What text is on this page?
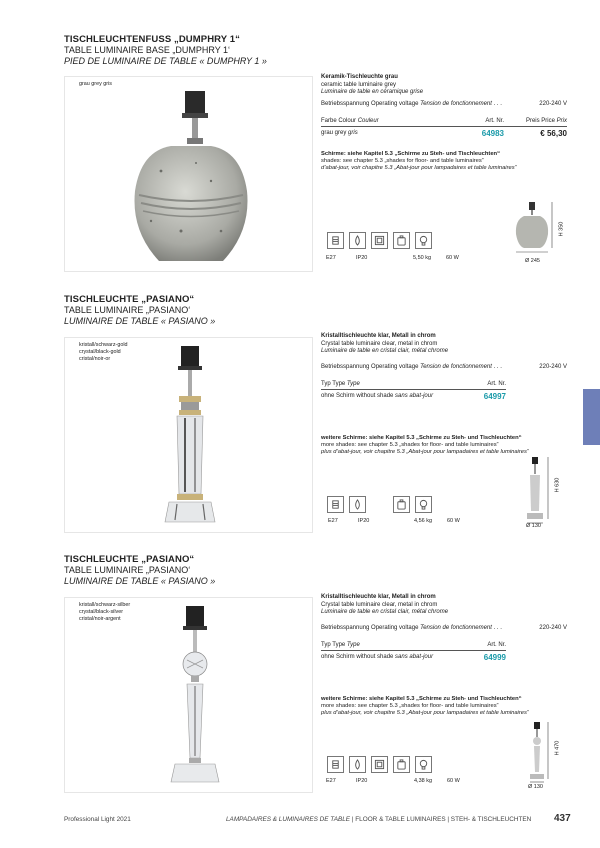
TISCHLEUCHTENFUSS „DUMPHRY 1“
TABLE LUMINAIRE BASE „DUMPHRY 1‘
PIED DE LUMINAIRE DE TABLE « DUMPHRY 1 »
grau grey gris
Keramik-Tischleuchte grau
ceramic table luminaire grey
Luminaire de table en céramique grise
Betriebsspannung Operating voltage Tension de fonctionnement . . .	220-240 V
Farbe Colour Couleur	Art. Nr.	Preis Price Prix
grau grey gris	64983	€ 56,30
Schirme: siehe Kapitel 5.3 „Schirme zu Steh- und Tischleuchten“
shades: see chapter 5.3 „shades for floor- and table luminaires“
d’abat-jour, voir chapitre 5.3 „Abat-jour pour lampadaires et table luminaires“
E27	IP20	5,50 kg	60 W
H 350
Ø 245
TISCHLEUCHTE „PASIANO“
TABLE LUMINAIRE „PASIANO‘
LUMINAIRE DE TABLE « PASIANO »
kristall/schwarz-gold
crystal/black-gold
cristal/noir-or
Kristalltischleuchte klar, Metall in chrom
Crystal table luminaire clear, metal in chrom
Luminaire de table en cristal clair, métal chrome
Betriebsspannung Operating voltage Tension de fonctionnement . . .	220-240 V
Typ Type Type	Art. Nr.
ohne Schirm without shade sans abat-jour	64997
weitere Schirme: siehe Kapitel 5.3 „Schirme zu Steh- und Tischleuchten“
more shades: see chapter 5.3 „shades for floor- and table luminaires“
plus d’abat-jour, voir chapitre 5.3 „Abat-jour pour lampadaires et table luminaires“
E27	IP20	4,56 kg	60 W
H 630
Ø 130
TISCHLEUCHTE „PASIANO“
TABLE LUMINAIRE „PASIANO‘
LUMINAIRE DE TABLE « PASIANO »
kristall/schwarz-silber
crystal/black-silver
cristal/noir-argent
Kristalltischleuchte klar, Metall in chrom
Crystal table luminaire clear, metal in chrom
Luminaire de table en cristal clair, métal chrome
Betriebsspannung Operating voltage Tension de fonctionnement . . .	220-240 V
Typ Type Type	Art. Nr.
ohne Schirm without shade sans abat-jour	64999
weitere Schirme: siehe Kapitel 5.3 „Schirme zu Steh- und Tischleuchten“
more shades: see chapter 5.3 „shades for floor- and table luminaires“
plus d’abat-jour, voir chapitre 5.3 „Abat-jour pour lampadaires et table luminaires“
E27	IP20	4,38 kg	60 W
H 470
Ø 130
Professional Light 2021	LAMPADAIRES & LUMINAIRES DE TABLE | FLOOR & TABLE LUMINAIRES | STEH- & TISCHLEUCHTEN 437
